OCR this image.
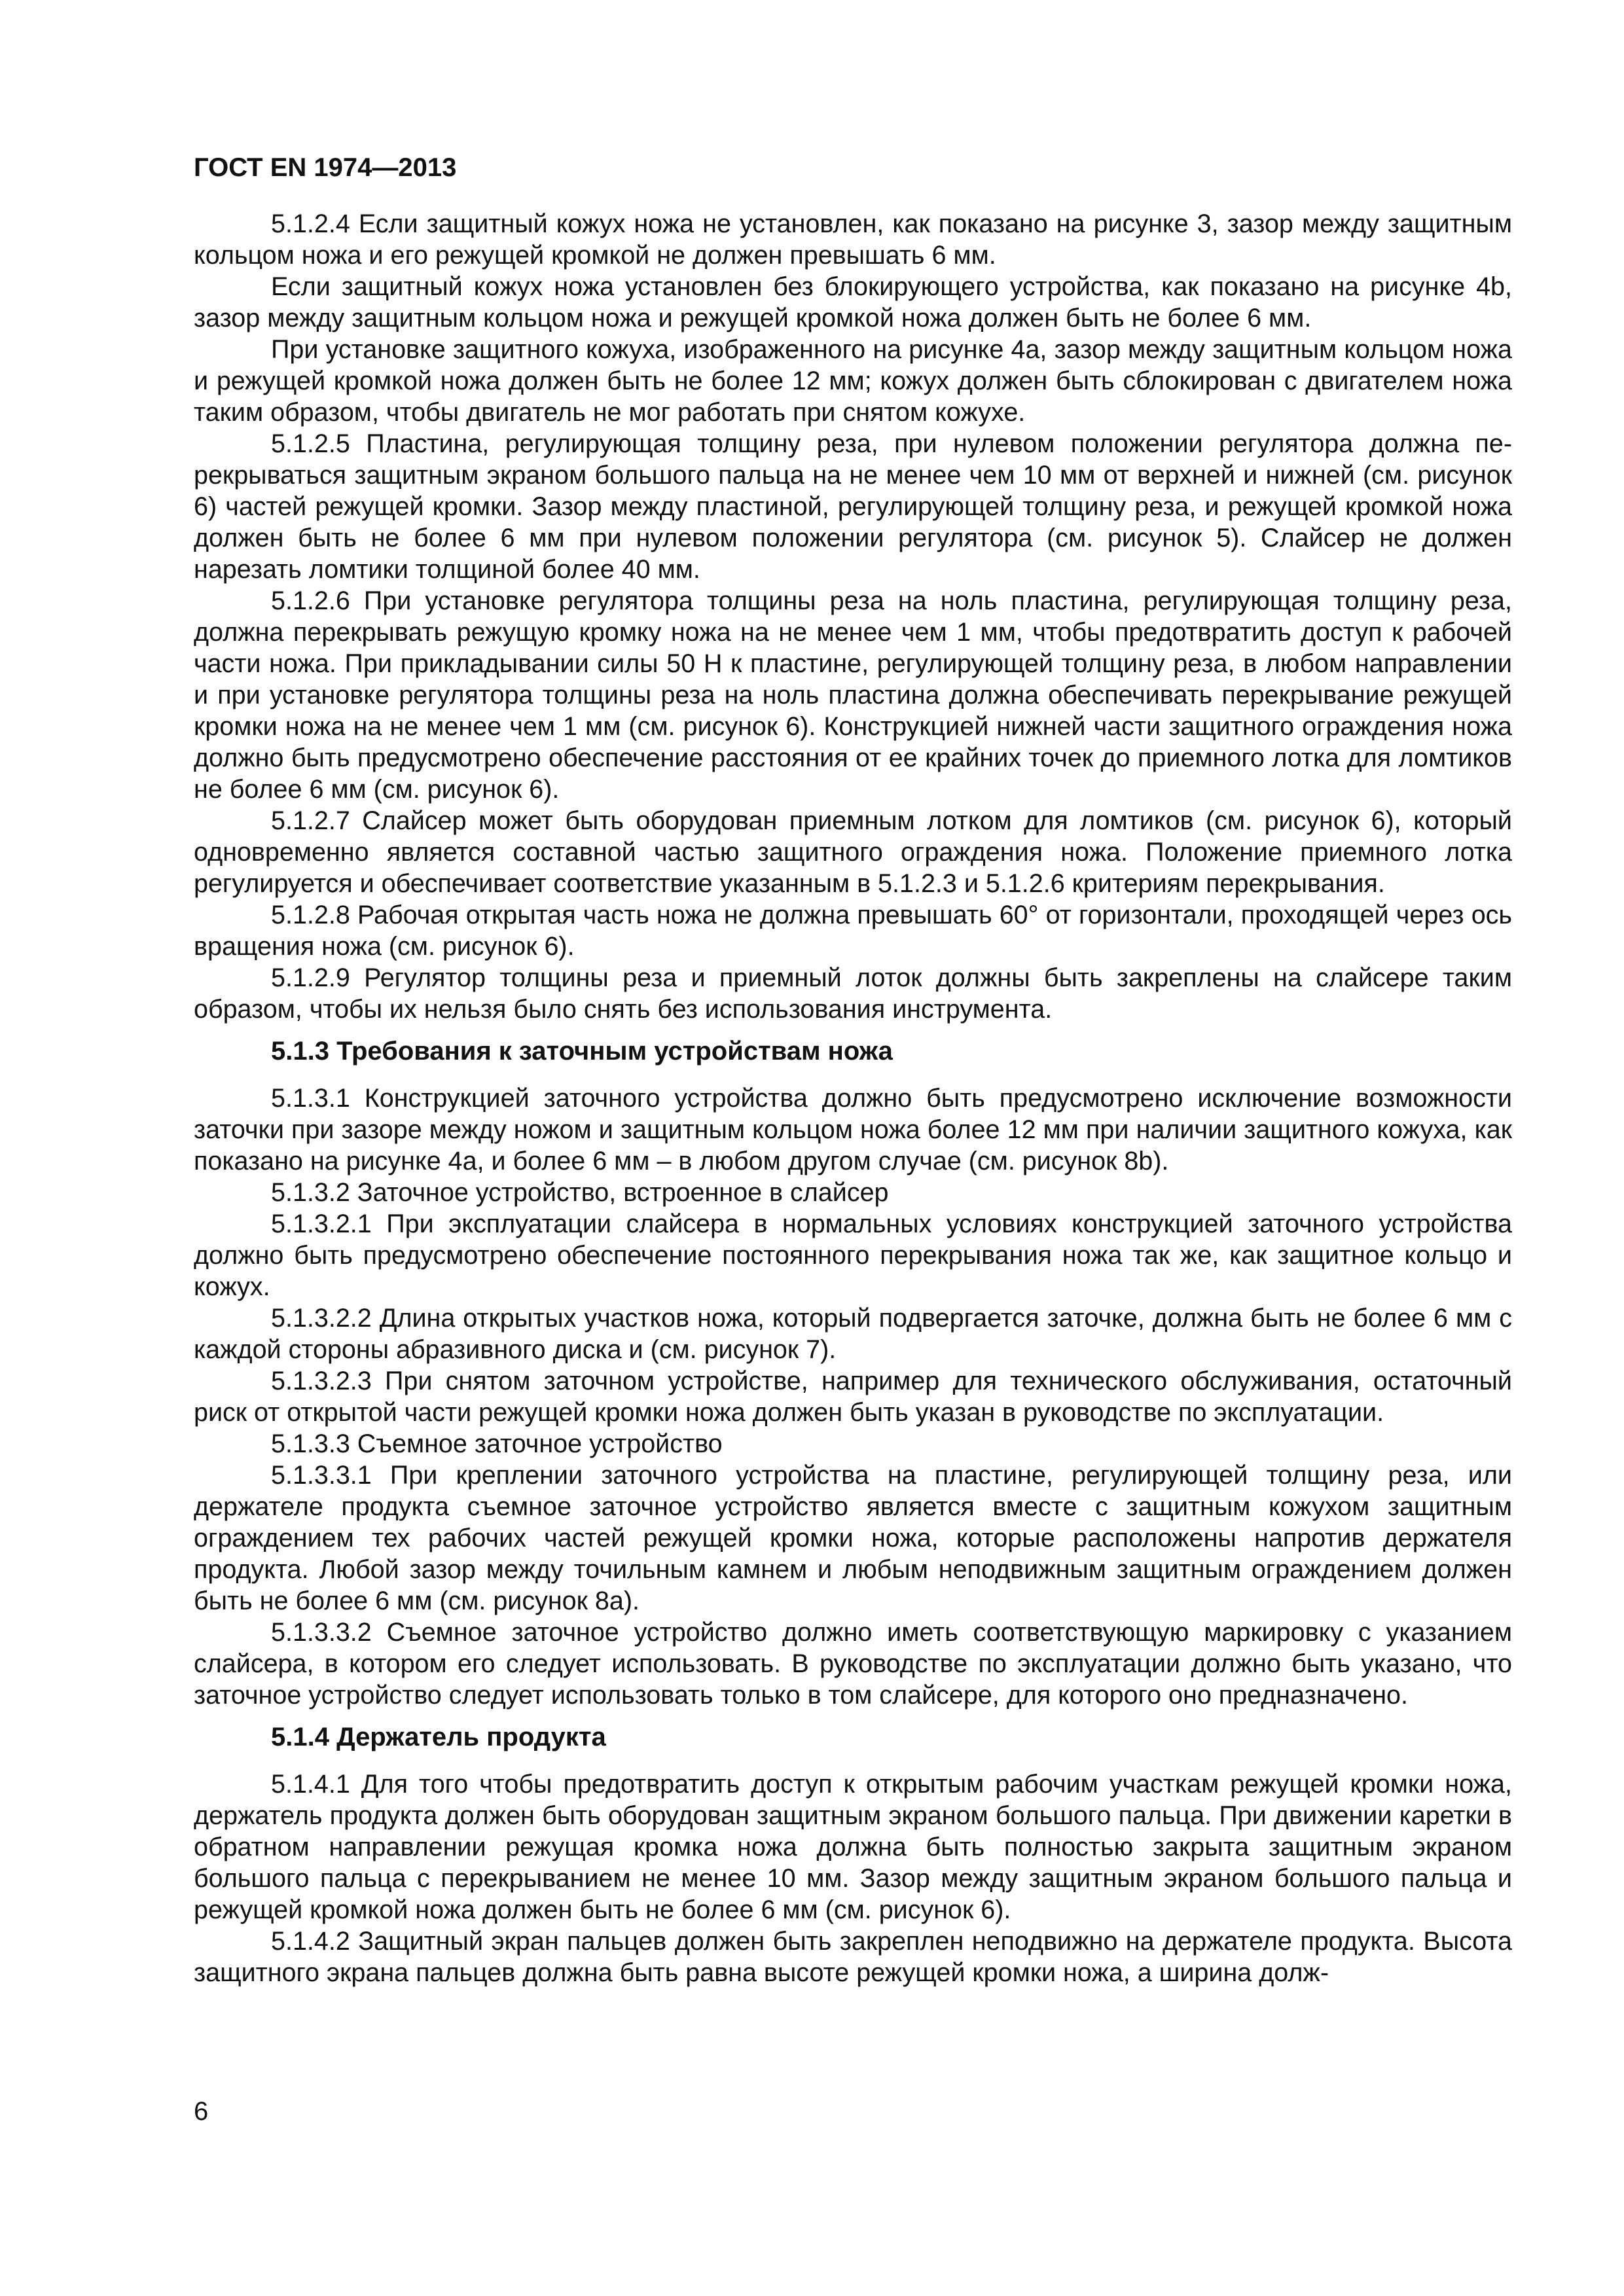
ГОСТ EN 1974—2013

5.1.2.4 Если защитный кожух ножа не установлен, как показано на рисунке 3, зазор между защитным кольцом ножа и его режущей кромкой не должен превышать 6 мм.

Если защитный кожух ножа установлен без блокирующего устройства, как показано на рисунке 4b, зазор между защитным кольцом ножа и режущей кромкой ножа должен быть не более 6 мм.

При установке защитного кожуха, изображенного на рисунке 4a, зазор между защитным кольцом ножа и режущей кромкой ножа должен быть не более 12 мм; кожух должен быть сблокирован с двигателем ножа таким образом, чтобы двигатель не мог работать при снятом кожухе.

5.1.2.5 Пластина, регулирующая толщину реза, при нулевом положении регулятора должна перекрываться защитным экраном большого пальца на не менее чем 10 мм от верхней и нижней (см. рисунок 6) частей режущей кромки. Зазор между пластиной, регулирующей толщину реза, и режущей кромкой ножа должен быть не более 6 мм при нулевом положении регулятора (см. рисунок 5). Слайсер не должен нарезать ломтики толщиной более 40 мм.

5.1.2.6 При установке регулятора толщины реза на ноль пластина, регулирующая толщину реза, должна перекрывать режущую кромку ножа на не менее чем 1 мм, чтобы предотвратить доступ к рабочей части ножа. При прикладывании силы 50 Н к пластине, регулирующей толщину реза, в любом направлении и при установке регулятора толщины реза на ноль пластина должна обеспечивать перекрывание режущей кромки ножа на не менее чем 1 мм (см. рисунок 6). Конструкцией нижней части защитного ограждения ножа должно быть предусмотрено обеспечение расстояния от ее крайних точек до приемного лотка для ломтиков не более 6 мм (см. рисунок 6).

5.1.2.7 Слайсер может быть оборудован приемным лотком для ломтиков (см. рисунок 6), который одновременно является составной частью защитного ограждения ножа. Положение приемного лотка регулируется и обеспечивает соответствие указанным в 5.1.2.3 и 5.1.2.6 критериям перекрывания.

5.1.2.8 Рабочая открытая часть ножа не должна превышать 60° от горизонтали, проходящей через ось вращения ножа (см. рисунок 6).

5.1.2.9 Регулятор толщины реза и приемный лоток должны быть закреплены на слайсере таким образом, чтобы их нельзя было снять без использования инструмента.

5.1.3 Требования к заточным устройствам ножа

5.1.3.1 Конструкцией заточного устройства должно быть предусмотрено исключение возможности заточки при зазоре между ножом и защитным кольцом ножа более 12 мм при наличии защитного кожуха, как показано на рисунке 4a, и более 6 мм – в любом другом случае (см. рисунок 8b).

5.1.3.2 Заточное устройство, встроенное в слайсер

5.1.3.2.1 При эксплуатации слайсера в нормальных условиях конструкцией заточного устройства должно быть предусмотрено обеспечение постоянного перекрывания ножа так же, как защитное кольцо и кожух.

5.1.3.2.2 Длина открытых участков ножа, который подвергается заточке, должна быть не более 6 мм с каждой стороны абразивного диска и (см. рисунок 7).

5.1.3.2.3 При снятом заточном устройстве, например для технического обслуживания, остаточный риск от открытой части режущей кромки ножа должен быть указан в руководстве по эксплуатации.

5.1.3.3 Съемное заточное устройство

5.1.3.3.1 При креплении заточного устройства на пластине, регулирующей толщину реза, или держателе продукта съемное заточное устройство является вместе с защитным кожухом защитным ограждением тех рабочих частей режущей кромки ножа, которые расположены напротив держателя продукта. Любой зазор между точильным камнем и любым неподвижным защитным ограждением должен быть не более 6 мм (см. рисунок 8a).

5.1.3.3.2 Съемное заточное устройство должно иметь соответствующую маркировку с указанием слайсера, в котором его следует использовать. В руководстве по эксплуатации должно быть указано, что заточное устройство следует использовать только в том слайсере, для которого оно предназначено.

5.1.4 Держатель продукта

5.1.4.1 Для того чтобы предотвратить доступ к открытым рабочим участкам режущей кромки ножа, держатель продукта должен быть оборудован защитным экраном большого пальца. При движении каретки в обратном направлении режущая кромка ножа должна быть полностью закрыта защитным экраном большого пальца с перекрыванием не менее 10 мм. Зазор между защитным экраном большого пальца и режущей кромкой ножа должен быть не более 6 мм (см. рисунок 6).

5.1.4.2 Защитный экран пальцев должен быть закреплен неподвижно на держателе продукта. Высота защитного экрана пальцев должна быть равна высоте режущей кромки ножа, а ширина долж-

6
